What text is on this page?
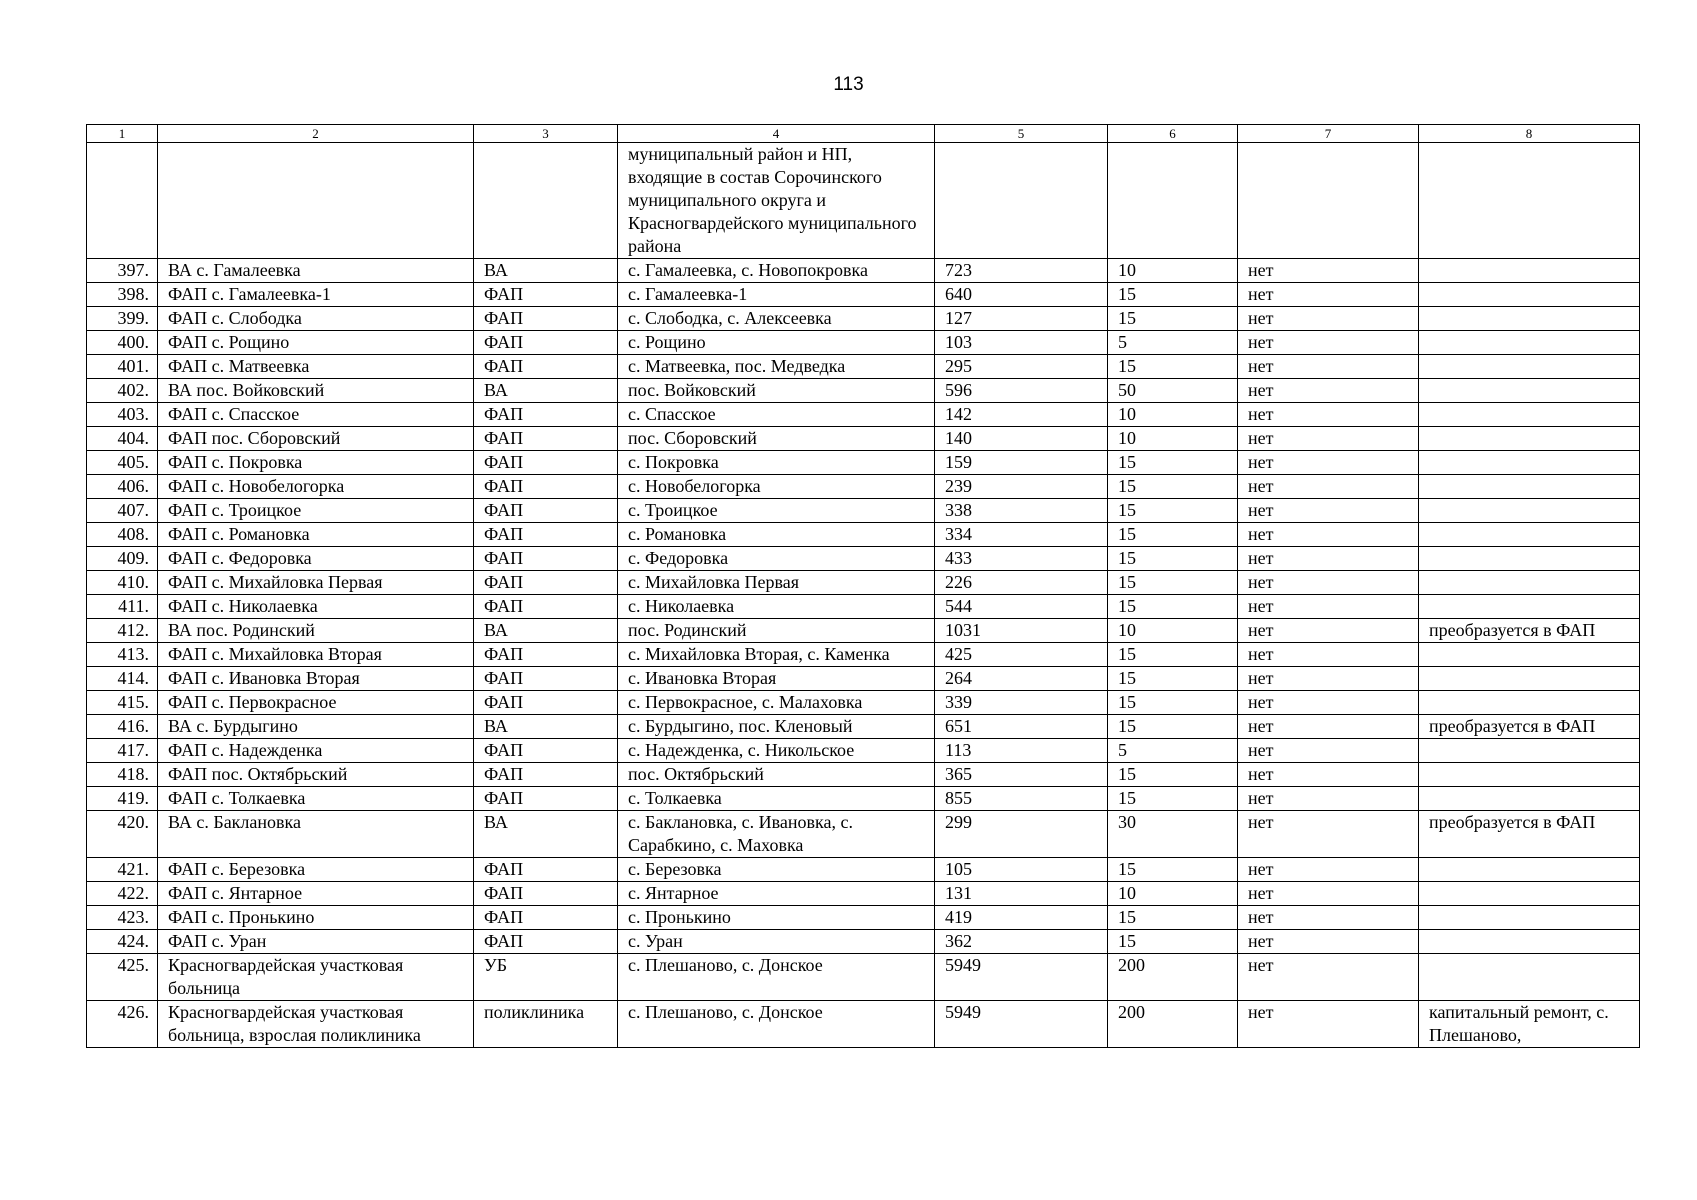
113
1	2	3	4	5	6	7	8
			муниципальный район и НП, входящие в состав Сорочинского муниципального округа и Красногвардейского муниципального района				
397.	ВА с. Гамалеевка	ВА	с. Гамалеевка, с. Новопокровка	723	10	нет	
398.	ФАП с. Гамалеевка-1	ФАП	с. Гамалеевка-1	640	15	нет	
399.	ФАП с. Слободка	ФАП	с. Слободка, с. Алексеевка	127	15	нет	
400.	ФАП с. Рощино	ФАП	с. Рощино	103	5	нет	
401.	ФАП с. Матвеевка	ФАП	с. Матвеевка, пос. Медведка	295	15	нет	
402.	ВА пос. Войковский	ВА	пос. Войковский	596	50	нет	
403.	ФАП с. Спасское	ФАП	с. Спасское	142	10	нет	
404.	ФАП пос. Сборовский	ФАП	пос. Сборовский	140	10	нет	
405.	ФАП с. Покровка	ФАП	с. Покровка	159	15	нет	
406.	ФАП с. Новобелогорка	ФАП	с. Новобелогорка	239	15	нет	
407.	ФАП с. Троицкое	ФАП	с. Троицкое	338	15	нет	
408.	ФАП с. Романовка	ФАП	с. Романовка	334	15	нет	
409.	ФАП с. Федоровка	ФАП	с. Федоровка	433	15	нет	
410.	ФАП с. Михайловка Первая	ФАП	с. Михайловка Первая	226	15	нет	
411.	ФАП с. Николаевка	ФАП	с. Николаевка	544	15	нет	
412.	ВА пос. Родинский	ВА	пос. Родинский	1031	10	нет	преобразуется в ФАП
413.	ФАП с. Михайловка Вторая	ФАП	с. Михайловка Вторая, с. Каменка	425	15	нет	
414.	ФАП с. Ивановка Вторая	ФАП	с. Ивановка Вторая	264	15	нет	
415.	ФАП с. Первокрасное	ФАП	с. Первокрасное, с. Малаховка	339	15	нет	
416.	ВА с. Бурдыгино	ВА	с. Бурдыгино, пос. Кленовый	651	15	нет	преобразуется в ФАП
417.	ФАП с. Надежденка	ФАП	с. Надежденка, с. Никольское	113	5	нет	
418.	ФАП пос. Октябрьский	ФАП	пос. Октябрьский	365	15	нет	
419.	ФАП с. Толкаевка	ФАП	с. Толкаевка	855	15	нет	
420.	ВА с. Баклановка	ВА	с. Баклановка, с. Ивановка, с. Сарабкино, с. Маховка	299	30	нет	преобразуется в ФАП
421.	ФАП с. Березовка	ФАП	с. Березовка	105	15	нет	
422.	ФАП с. Янтарное	ФАП	с. Янтарное	131	10	нет	
423.	ФАП с. Пронькино	ФАП	с. Пронькино	419	15	нет	
424.	ФАП с. Уран	ФАП	с. Уран	362	15	нет	
425.	Красногвардейская участковая больница	УБ	с. Плешаново, с. Донское	5949	200	нет	
426.	Красногвардейская участковая больница, взрослая поликлиника	поликлиника	с. Плешаново, с. Донское	5949	200	нет	капитальный ремонт, с. Плешаново,
